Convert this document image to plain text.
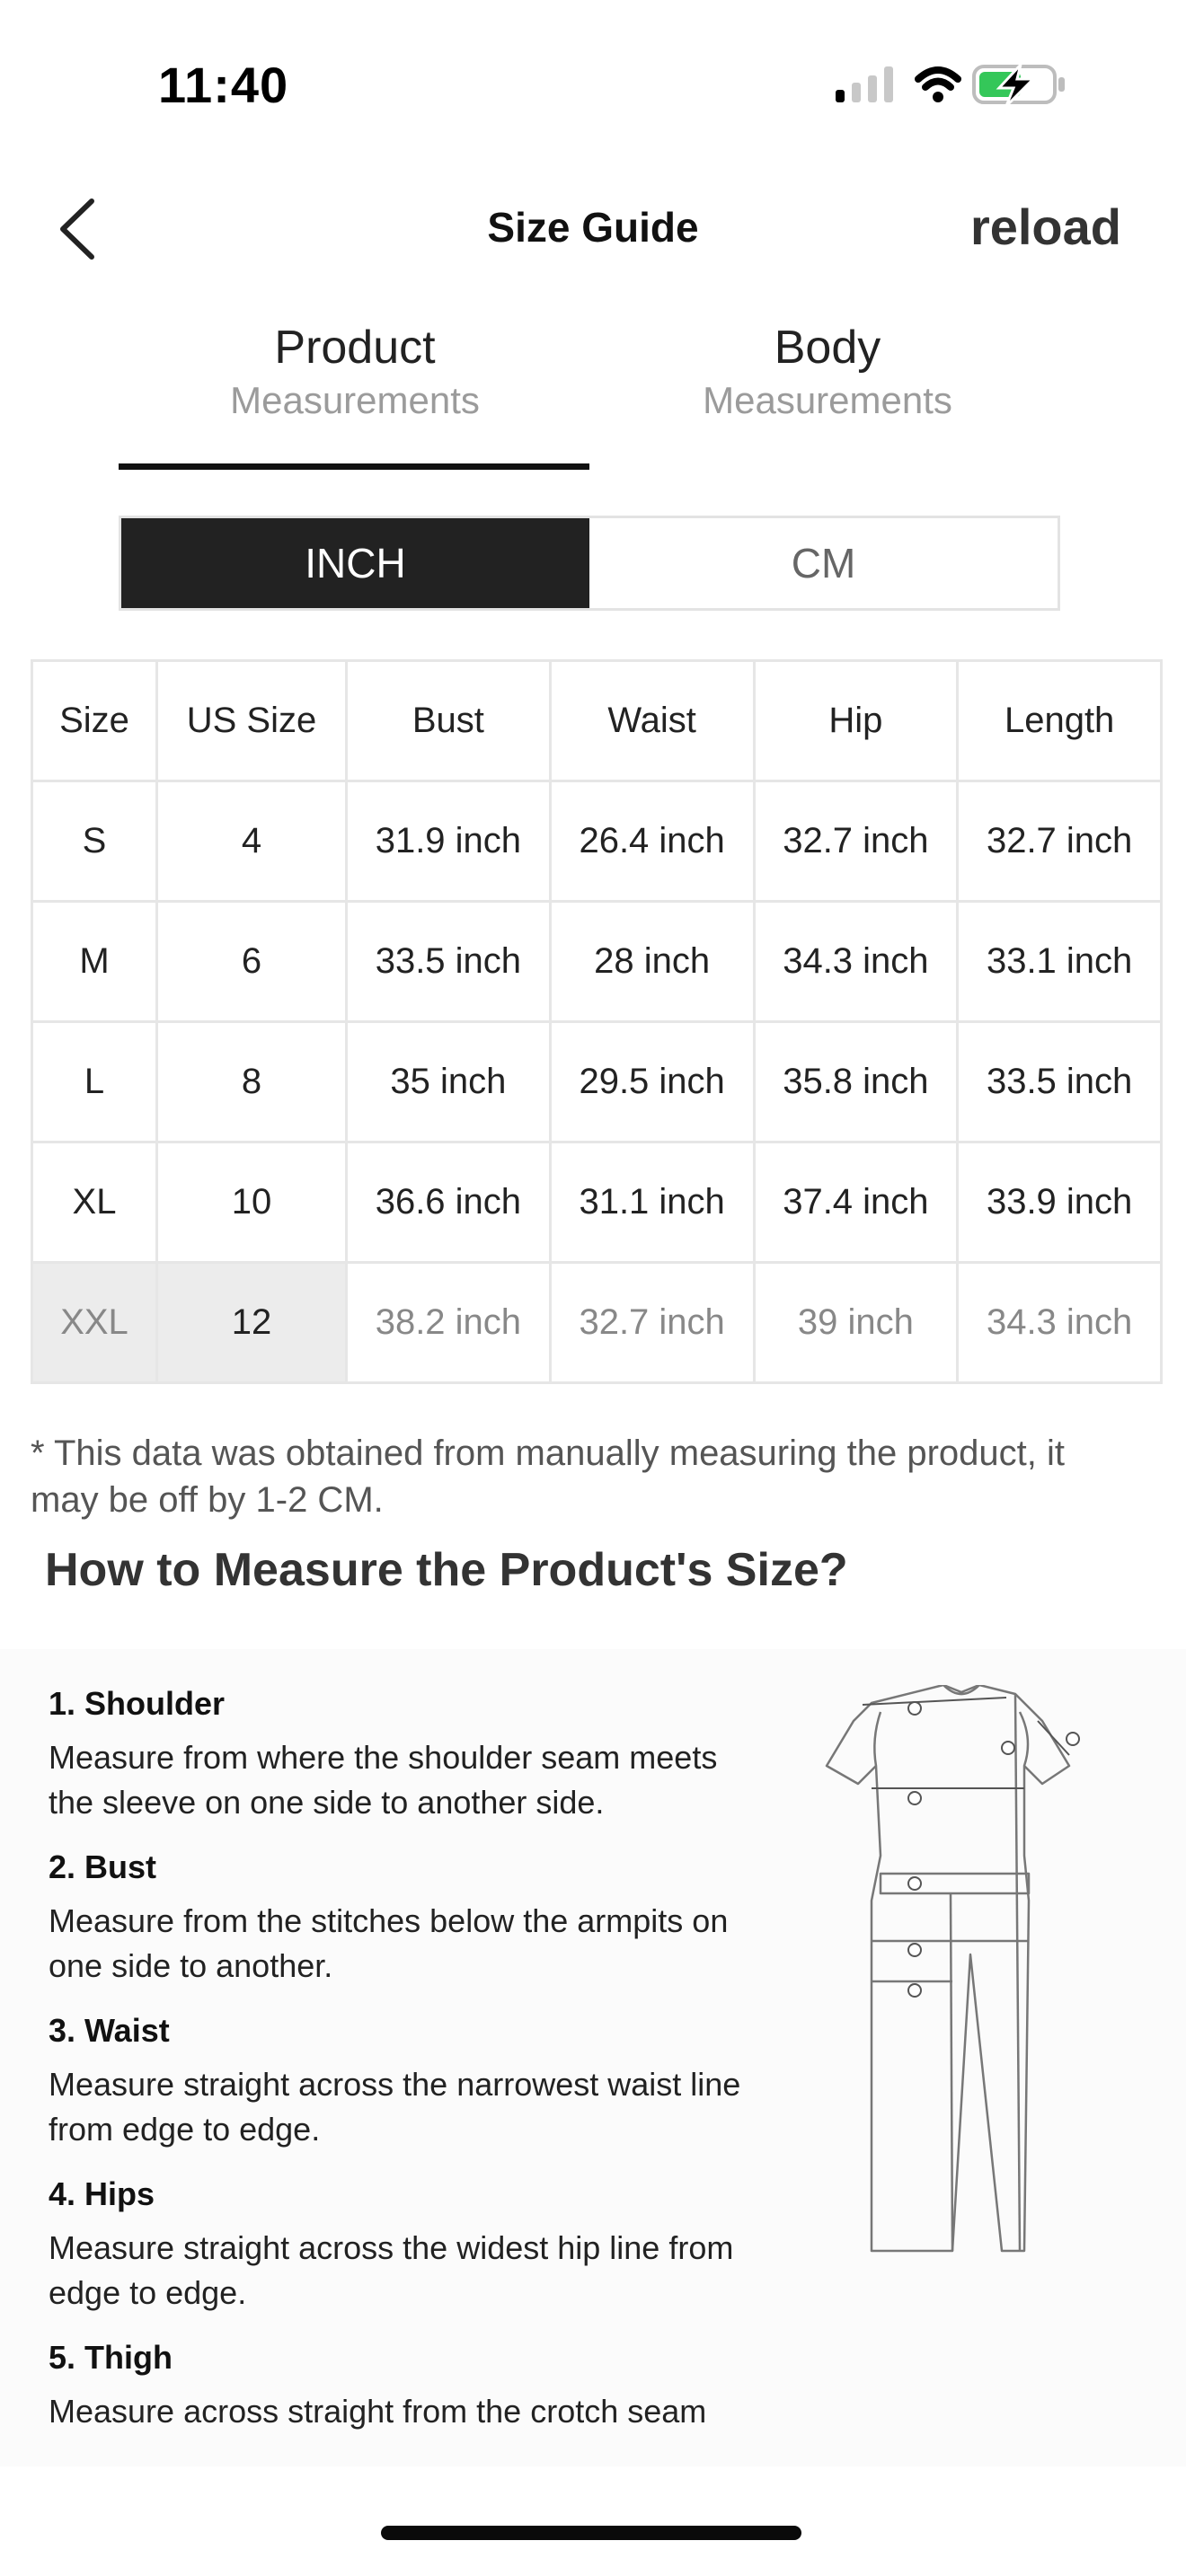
11:40
Size Guide	reload
Product
Measurements
Body
Measurements
INCH	CM
Size	US Size	Bust	Waist	Hip	Length
S	4	31.9 inch	26.4 inch	32.7 inch	32.7 inch
M	6	33.5 inch	28 inch	34.3 inch	33.1 inch
L	8	35 inch	29.5 inch	35.8 inch	33.5 inch
XL	10	36.6 inch	31.1 inch	37.4 inch	33.9 inch
XXL	12	38.2 inch	32.7 inch	39 inch	34.3 inch
* This data was obtained from manually measuring the product, it may be off by 1-2 CM.
How to Measure the Product's Size?
1. Shoulder
Measure from where the shoulder seam meets the sleeve on one side to another side.
2. Bust
Measure from the stitches below the armpits on one side to another.
3. Waist
Measure straight across the narrowest waist line from edge to edge.
4. Hips
Measure straight across the widest hip line from edge to edge.
5. Thigh
Measure across straight from the crotch seam
